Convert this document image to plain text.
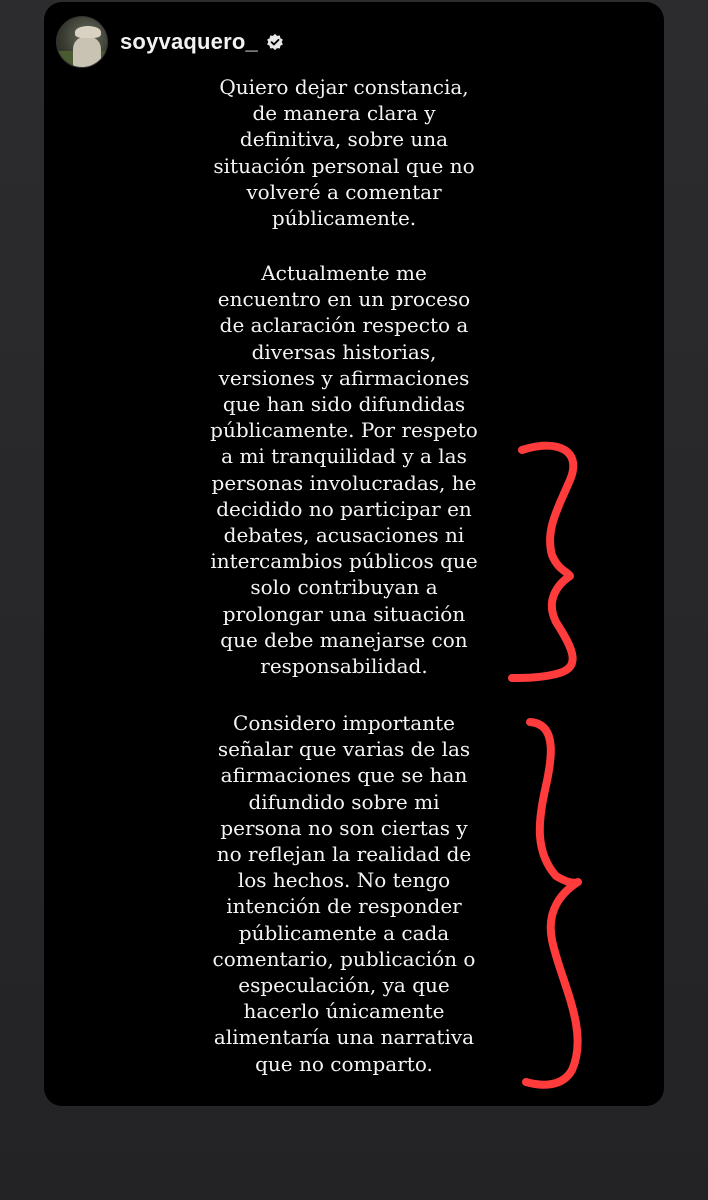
soyvaquero_
Quiero dejar constancia,
de manera clara y
definitiva, sobre una
situación personal que no
volveré a comentar
públicamente.
Actualmente me
encuentro en un proceso
de aclaración respecto a
diversas historias,
versiones y afirmaciones
que han sido difundidas
públicamente. Por respeto
a mi tranquilidad y a las
personas involucradas, he
decidido no participar en
debates, acusaciones ni
intercambios públicos que
solo contribuyan a
prolongar una situación
que debe manejarse con
responsabilidad.
Considero importante
señalar que varias de las
afirmaciones que se han
difundido sobre mi
persona no son ciertas y
no reflejan la realidad de
los hechos. No tengo
intención de responder
públicamente a cada
comentario, publicación o
especulación, ya que
hacerlo únicamente
alimentaría una narrativa
que no comparto.
